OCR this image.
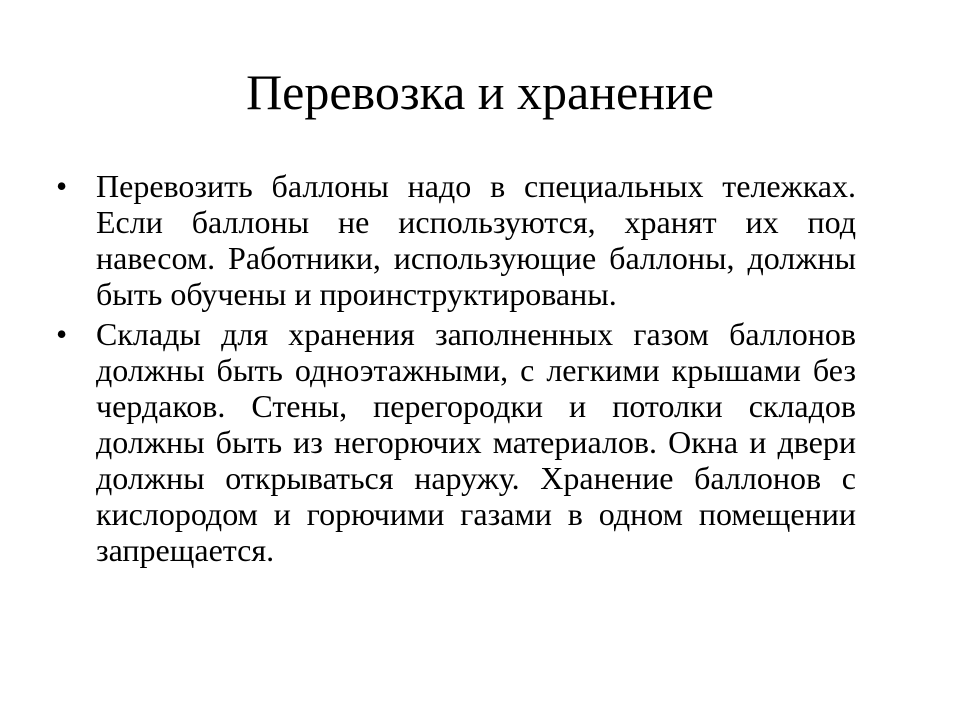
Перевозка и хранение
• Перевозить баллоны надо в специальных тележках. Если баллоны не используются, хранят их под навесом. Работники, использующие баллоны, должны быть обучены и проинструктированы.
• Склады для хранения заполненных газом баллонов должны быть одноэтажными, с легкими крышами без чердаков. Стены, перегородки и потолки складов должны быть из негорючих материалов. Окна и двери должны открываться наружу. Хранение баллонов с кислородом и горючими газами в одном помещении запрещается.
